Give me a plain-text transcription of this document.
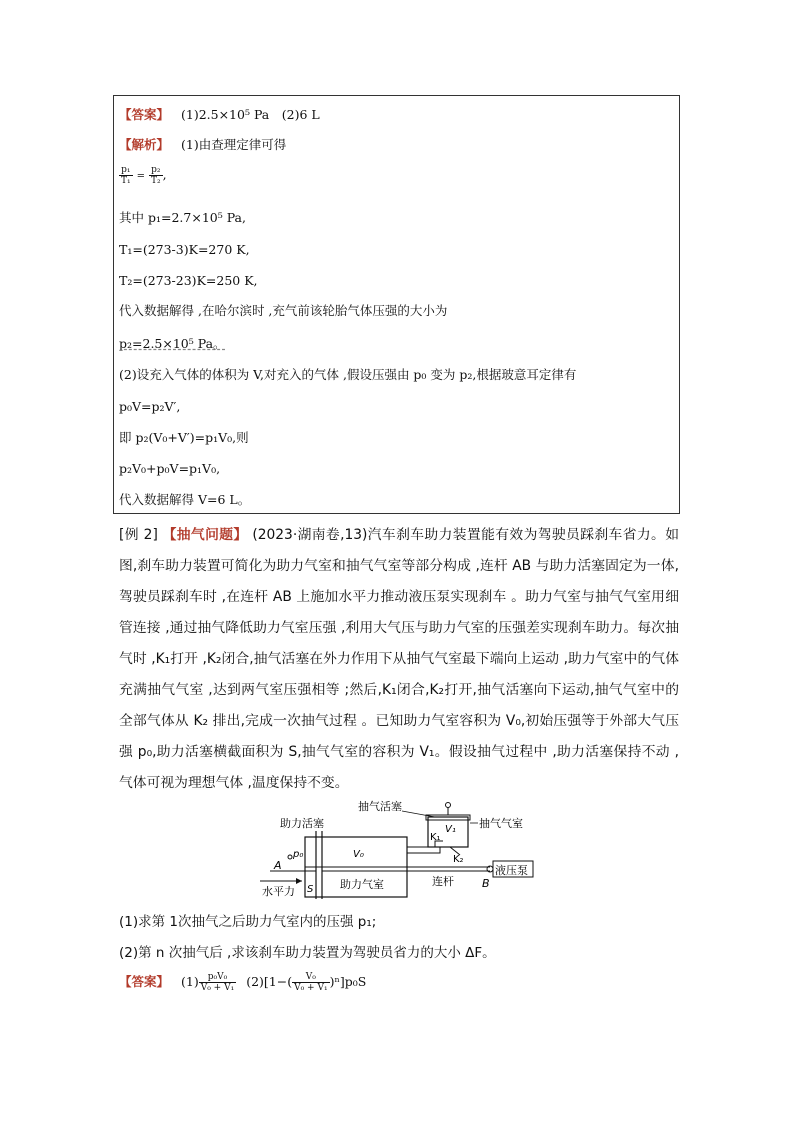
【答案】 (1)2.5×10⁵ Pa　(2)6 L
【解析】 (1)由查理定律可得
$\frac{\text{p₁}}{\text{T₁}} = \frac{\text{p₂}}{\text{T₂}}$ ,
其中 p₁=2.7×10⁵ Pa,
T₁=(273-3)K=270 K,
T₂=(273-23)K=250 K,
代入数据解得 ,在哈尔滨时 ,充气前该轮胎气体压强的大小为
p₂=2.5×10⁵ Pa。
(2)设充入气体的体积为 V,对充入的气体 ,假设压强由 p₀ 变为 p₂,根据玻意耳定律有
p₀V=p₂V′,
即 p₂(V₀+V′)=p₁V₀,则
p₂V₀+p₀V=p₁V₀,
代入数据解得 V=6 L。
[例 2] 【抽气问题】 (2023·湖南卷,13)汽车刹车助力装置能有效为驾驶员踩刹车省力。如图,刹车助力装置可简化为助力气室和抽气气室等部分构成 ,连杆 AB 与助力活塞固定为一体,驾驶员踩刹车时 ,在连杆 AB 上施加水平力推动液压泵实现刹车 。助力气室与抽气气室用细管连接 ,通过抽气降低助力气室压强 ,利用大气压与助力气室的压强差实现刹车助力。每次抽气时 ,K₁打开 ,K₂闭合,抽气活塞在外力作用下从抽气气室最下端向上运动 ,助力气室中的气体充满抽气气室 ,达到两气室压强相等 ;然后,K₁闭合,K₂打开,抽气活塞向下运动,抽气气室中的全部气体从 K₂ 排出,完成一次抽气过程 。已知助力气室容积为 V₀,初始压强等于外部大气压强 p₀,助力活塞横截面积为 S,抽气气室的容积为 V₁。假设抽气过程中 ,助力活塞保持不动 ,气体可视为理想气体 ,温度保持不变。
抽气活塞
助力活塞	抽气气室
V₁
K₁
K₂
V₀
p₀
A	液压泵
水平力 S 助力气室	连杆	B
(1)求第 1次抽气之后助力气室内的压强 p₁;
(2)第 n 次抽气后 ,求该刹车助力装置为驾驶员省力的大小 ΔF。
【答案】 $(1) \frac{\text{p₀V₀}}{\text{V₀ + V₁}} (2)[1-( \frac{\text{V₀}}{\text{V₀ + V₁}} )^n]p_0S$
